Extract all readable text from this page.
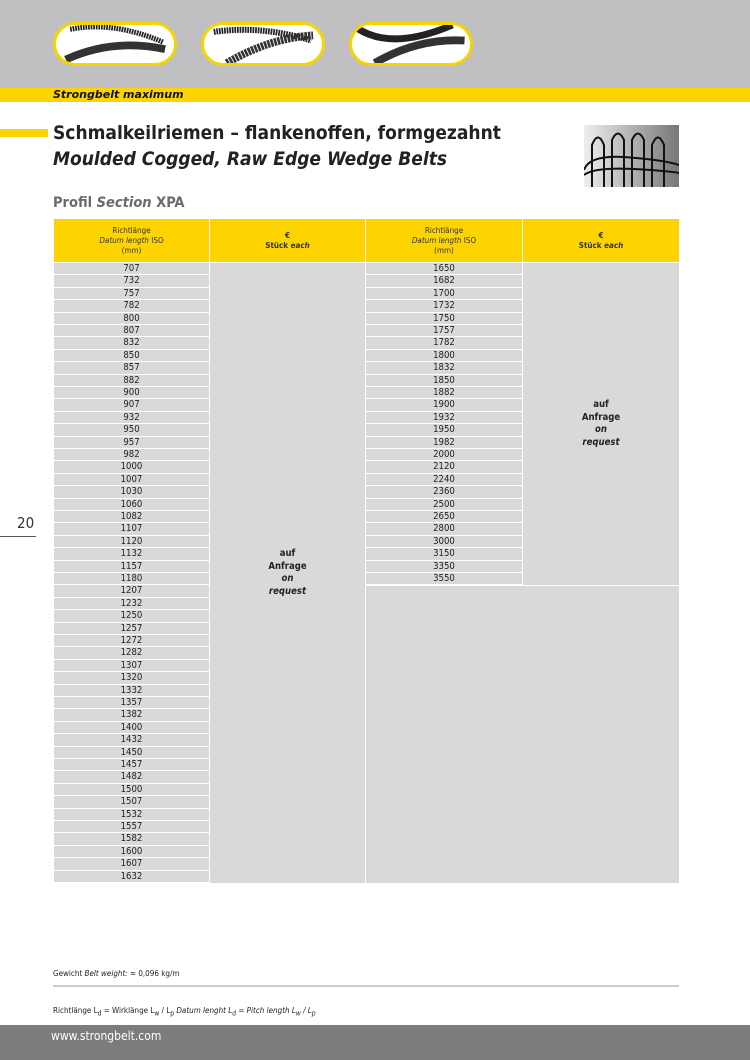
Strongbelt maximum
Schmalkeilriemen – flankenoffen, formgezahnt
Moulded Cogged, Raw Edge Wedge Belts
Profil Section XPA
Richtlänge
Datum length ISO
(mm)
€
Stück each
Richtlänge
Datum length ISO
(mm)
€
Stück each
auf
Anfrage
on
request
auf
Anfrage
on
request
707
732
757
782
800
807
832
850
857
882
900
907
932
950
957
982
1000
1007
1030
1060
1082
1107
1120
1132
1157
1180
1207
1232
1250
1257
1272
1282
1307
1320
1332
1357
1382
1400
1432
1450
1457
1482
1500
1507
1532
1557
1582
1600
1607
1632
1650
1682
1700
1732
1750
1757
1782
1800
1832
1850
1882
1900
1932
1950
1982
2000
2120
2240
2360
2500
2650
2800
3000
3150
3350
3550
20
Gewicht Belt weight: ≈ 0,096 kg/m
Richtlänge $L_d$ = Wirklänge $L_w / L_p$ Datum lenght $L_d$ = Pitch length $L_w / L_p$
www.strongbelt.com
